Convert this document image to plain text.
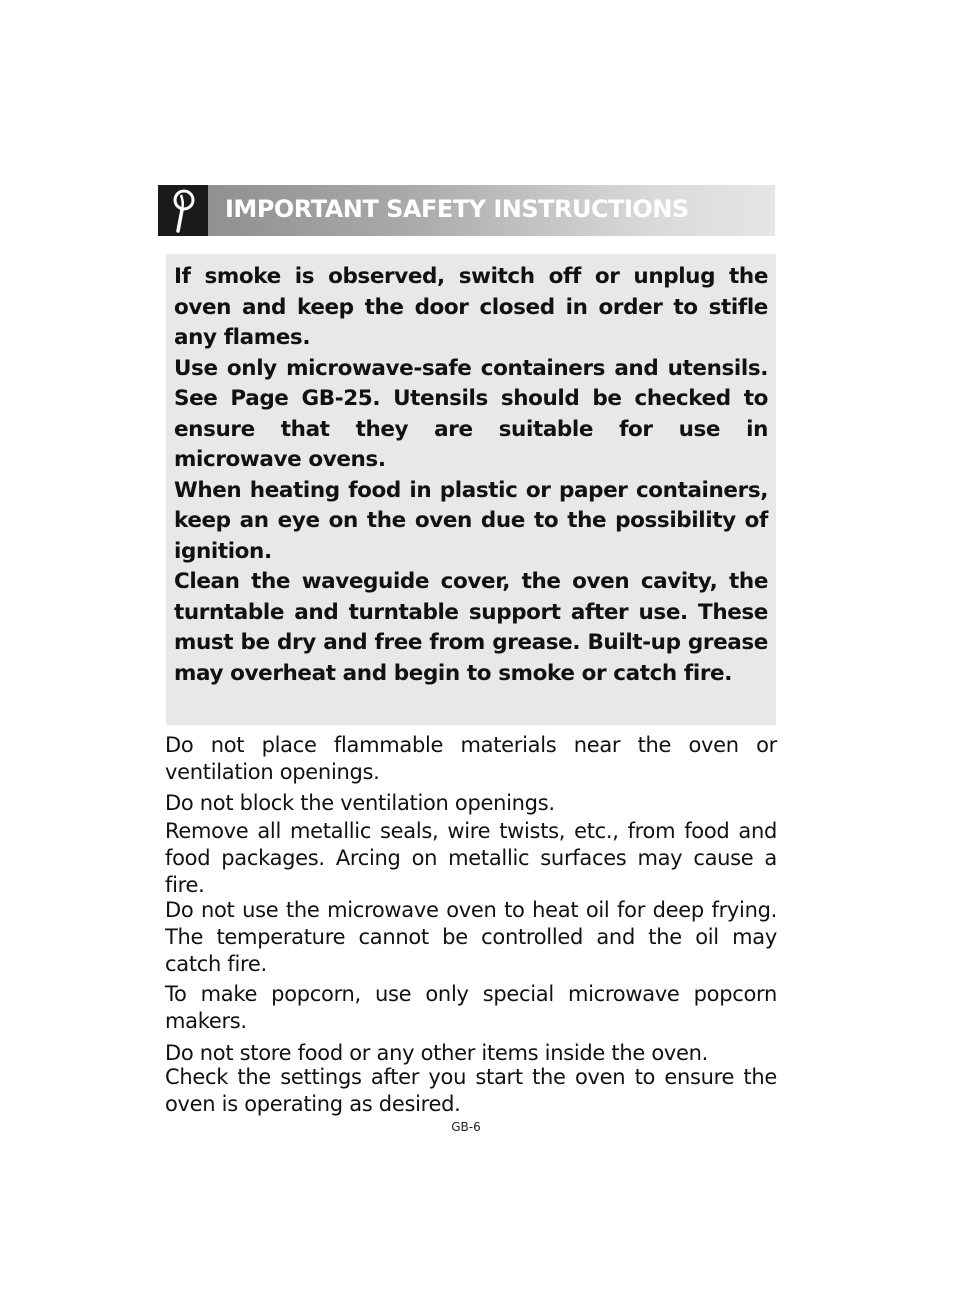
IMPORTANT SAFETY INSTRUCTIONS

If smoke is observed, switch off or unplug the oven and keep the door closed in order to stifle any flames.

Use only microwave-safe containers and utensils. See Page GB-25. Utensils should be checked to ensure that they are suitable for use in microwave ovens.

When heating food in plastic or paper containers, keep an eye on the oven due to the possibility of ignition.

Clean the waveguide cover, the oven cavity, the turntable and turntable support after use. These must be dry and free from grease. Built-up grease may overheat and begin to smoke or catch fire.

Do not place flammable materials near the oven or ventilation openings.

Do not block the ventilation openings.

Remove all metallic seals, wire twists, etc., from food and food packages. Arcing on metallic surfaces may cause a fire.

Do not use the microwave oven to heat oil for deep frying. The temperature cannot be controlled and the oil may catch fire.

To make popcorn, use only special microwave popcorn makers.

Do not store food or any other items inside the oven.

Check the settings after you start the oven to ensure the oven is operating as desired.

GB-6
